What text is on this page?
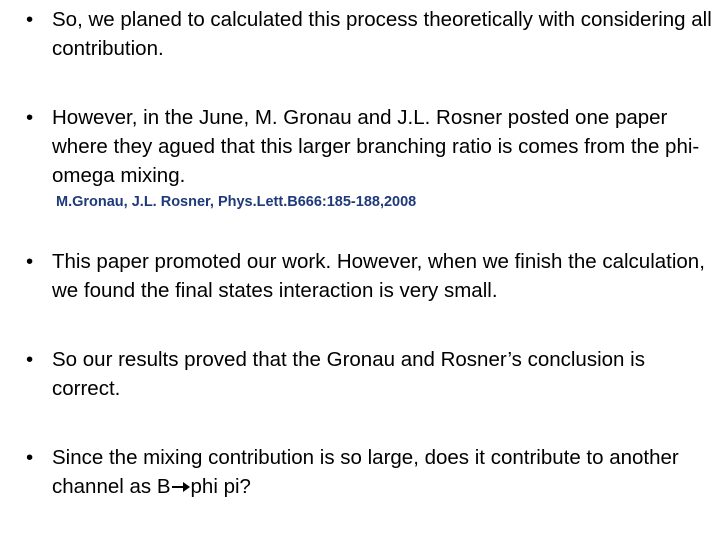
• So, we planed to calculated this process theoretically with considering all contribution.
• However, in the June, M. Gronau and J.L. Rosner posted one paper where they agued that this larger branching ratio is comes from the phi-omega mixing.
M.Gronau, J.L. Rosner, Phys.Lett.B666:185-188,2008
• This paper promoted our work. However, when we finish the calculation, we found the final states interaction is very small.
• So our results proved that the Gronau and Rosner’s conclusion is correct.
• Since the mixing contribution is so large, does it contribute to another channel as B phi pi?
